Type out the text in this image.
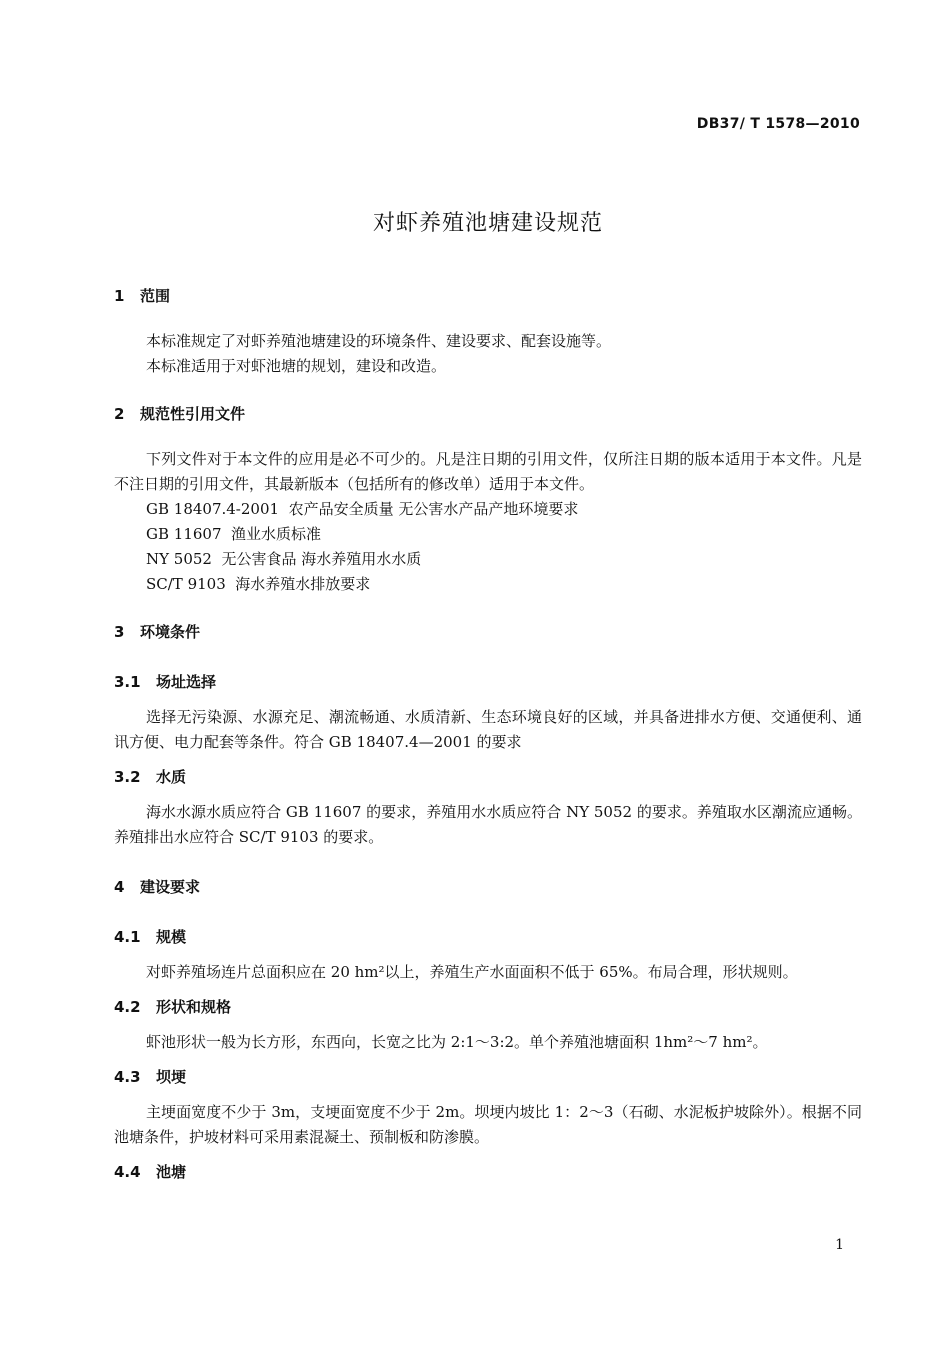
DB37/ T 1578—2010
对虾养殖池塘建设规范
1 范围
本标准规定了对虾养殖池塘建设的环境条件、建设要求、配套设施等。
本标准适用于对虾池塘的规划，建设和改造。
2 规范性引用文件
下列文件对于本文件的应用是必不可少的。凡是注日期的引用文件，仅所注日期的版本适用于本文件。凡是不注日期的引用文件，其最新版本（包括所有的修改单）适用于本文件。
GB 18407.4-2001  农产品安全质量 无公害水产品产地环境要求
GB 11607  渔业水质标准
NY 5052  无公害食品 海水养殖用水水质
SC/T 9103  海水养殖水排放要求
3 环境条件
3.1 场址选择
选择无污染源、水源充足、潮流畅通、水质清新、生态环境良好的区域，并具备进排水方便、交通便利、通讯方便、电力配套等条件。符合 GB 18407.4—2001 的要求
3.2 水质
海水水源水质应符合 GB 11607 的要求，养殖用水水质应符合 NY 5052 的要求。养殖取水区潮流应通畅。养殖排出水应符合 SC/T 9103 的要求。
4 建设要求
4.1 规模
对虾养殖场连片总面积应在 20 hm²以上，养殖生产水面面积不低于 65%。布局合理，形状规则。
4.2 形状和规格
虾池形状一般为长方形，东西向，长宽之比为 2:1～3:2。单个养殖池塘面积 1hm²～7 hm²。
4.3 坝埂
主埂面宽度不少于 3m，支埂面宽度不少于 2m。坝埂内坡比 1：2～3（石砌、水泥板护坡除外）。根据不同池塘条件，护坡材料可采用素混凝土、预制板和防渗膜。
4.4 池塘
1
